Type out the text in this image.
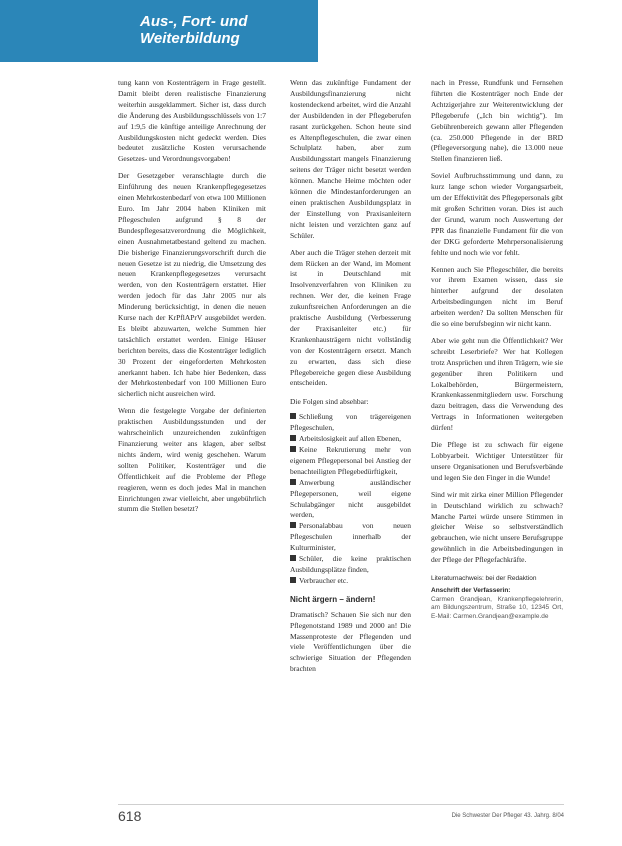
Aus-, Fort- und
Weiterbildung

tung kann von Kostenträgern in Frage gestellt. Damit bleibt deren realistische Finanzierung weiterhin ausgeklammert. Sicher ist, dass durch die Änderung des Ausbildungsschlüssels von 1:7 auf 1:9,5 die künftige anteilige Anrechnung der Ausbildungskosten nicht gedeckt werden. Dies bedeutet zusätzliche Kosten verursachende Gesetzes- und Verordnungsvorgaben!

Der Gesetzgeber veranschlagte durch die Einführung des neuen Krankenpflegegesetzes einen Mehrkostenbedarf von etwa 100 Millionen Euro. Im Jahr 2004 haben Kliniken mit Pflegeschulen aufgrund § 8 der Bundespflegesatzverordnung die Möglichkeit, einen Ausnahmetatbestand geltend zu machen. Die bisherige Finanzierungsvorschrift durch die neuen Gesetze ist zu niedrig, die Umsetzung des neuen Krankenpflegegesetzes verursacht werden, von den Kostenträgern erstattet. Hier werden jedoch für das Jahr 2005 nur als Minderung berücksichtigt, in denen die neuen Kurse nach der KrPflAPrV ausgebildet werden. Es bleibt abzuwarten, welche Summen hier tatsächlich erstattet werden. Einige Häuser berichten bereits, dass die Kostenträger lediglich 30 Prozent der eingeforderten Mehrkosten anerkannt haben. Ich habe hier Bedenken, dass der Mehrkostenbedarf von 100 Millionen Euro sicherlich nicht ausreichen wird.

Wenn die festgelegte Vorgabe der definierten praktischen Ausbildungsstunden und der wahrscheinlich unzureichenden zukünftigen Finanzierung weiter ans klagen, aber selbst nichts ändern, wird wenig geschehen. Warum sollten Politiker, Kostenträger und die Öffentlichkeit auf die Probleme der Pflege reagieren, wenn es doch jedes Mal in manchen Einrichtungen zwar vielleicht, aber ungebührlich stumm die Stellen besetzt?

Wenn das zukünftige Fundament der Ausbildungsfinanzierung nicht kostendeckend arbeitet, wird die Anzahl der Ausbildenden in der Pflegeberufen rasant zurückgehen. Schon heute sind es Altenpflegeschulen, die zwar einen Schulplatz haben, aber zum Ausbildungsstart mangels Finanzierung seitens der Träger nicht besetzt werden können. Manche Heime möchten oder können die Mindestanforderungen an einen praktischen Ausbildungsplatz in der Einstellung von Praxisanleitern nicht leisten und verzichten ganz auf Schüler.

Aber auch die Träger stehen derzeit mit dem Rücken an der Wand, im Moment ist in Deutschland mit Insolvenzverfahren von Kliniken zu rechnen. Wer der, die keinen Frage zukunftsreichen Anforderungen an die praktische Ausbildung (Verbesserung der Praxisanleiter etc.) für Krankenhausträgern nicht vollständig von der Kostenträgern ersetzt. Manch zu erwarten, dass sich diese Pflegebereiche gegen diese Ausbildung entscheiden.

Die Folgen sind absehbar:

Schließung von trägereigenen Pflegeschulen,

Arbeitslosigkeit auf allen Ebenen,

Keine Rekrutierung mehr von eigenem Pflegepersonal bei Anstieg der benachteiligten Pflegebedürftigkeit,

Anwerbung ausländischer Pflegepersonen, weil eigene Schulabgänger nicht ausgebildet werden,

Personalabbau von neuen Pflegeschulen innerhalb der Kulturminister,

Schüler, die keine praktischen Ausbildungsplätze finden,

Verbraucher etc.

Nicht ärgern – ändern!

Dramatisch? Schauen Sie sich nur den Pflegenotstand 1989 und 2000 an! Die Massenproteste der Pflegenden und viele Veröffentlichungen über die schwierige Situation der Pflegenden brachten

nach in Presse, Rundfunk und Fernsehen führten die Kostenträger noch Ende der Achtzigerjahre zur Weiterentwicklung der Pflegeberufe („Ich bin wichtig"). Im Gebührenbereich gewann aller Pflegenden (ca. 250.000 Pflegende in der BRD (Pflegeversorgung nahe), die 13.000 neue Stellen finanzieren ließ.

Soviel Aufbruchsstimmung und dann, zu kurz lange schon wieder Vorgangsarbeit, um der Effektivität des Pflegepersonals gibt mit großen Schritten voran. Dies ist auch der Grund, warum noch Auswertung der PPR das finanzielle Fundament für die von der DKG geforderte Mehrpersonalisierung fehlte und noch wie vor fehlt.

Kennen auch Sie Pflegeschüler, die bereits vor ihrem Examen wissen, dass sie hinterher aufgrund der desolaten Arbeitsbedingungen nicht im Beruf arbeiten werden? Da sollten Menschen für die so eine berufsbeginn wir nicht kann.

Aber wie geht nun die Öffentlichkeit? Wer schreibt Leserbriefe? Wer hat Kollegen trotz Ansprüchen und ihren Trägern, wie sie gegenüber ihren Politikern und Lokalbehörden, Bürgermeistern, Krankenkassenmitgliedern usw. Forschung dazu beitragen, dass die Verwendung des Vertrags in Informationen weitergeben dürfen!

Die Pflege ist zu schwach für eigene Lobbyarbeit. Wichtiger Unterstützer für unsere Organisationen und Berufsverbände und legen Sie den Finger in die Wunde!

Sind wir mit zirka einer Million Pflegender in Deutschland wirklich zu schwach? Manche Partei würde unsere Stimmen in gleicher Weise so selbstverständlich gebrauchen, wie nicht unsere Berufsgruppe gewöhnlich in die Arbeitsbedingungen in der Pflege der Pflegefachkräfte.

Literaturnachweis: bei der Redaktion
Anschrift der Verfasserin:
Carmen Grandjean, Krankenpflegelehrerin, am Bildungszentrum, Straße 10, 12345 Ort, E-Mail: Carmen.Grandjean@example.de
618	Die Schwester Der Pfleger 43. Jahrg. 8/04
